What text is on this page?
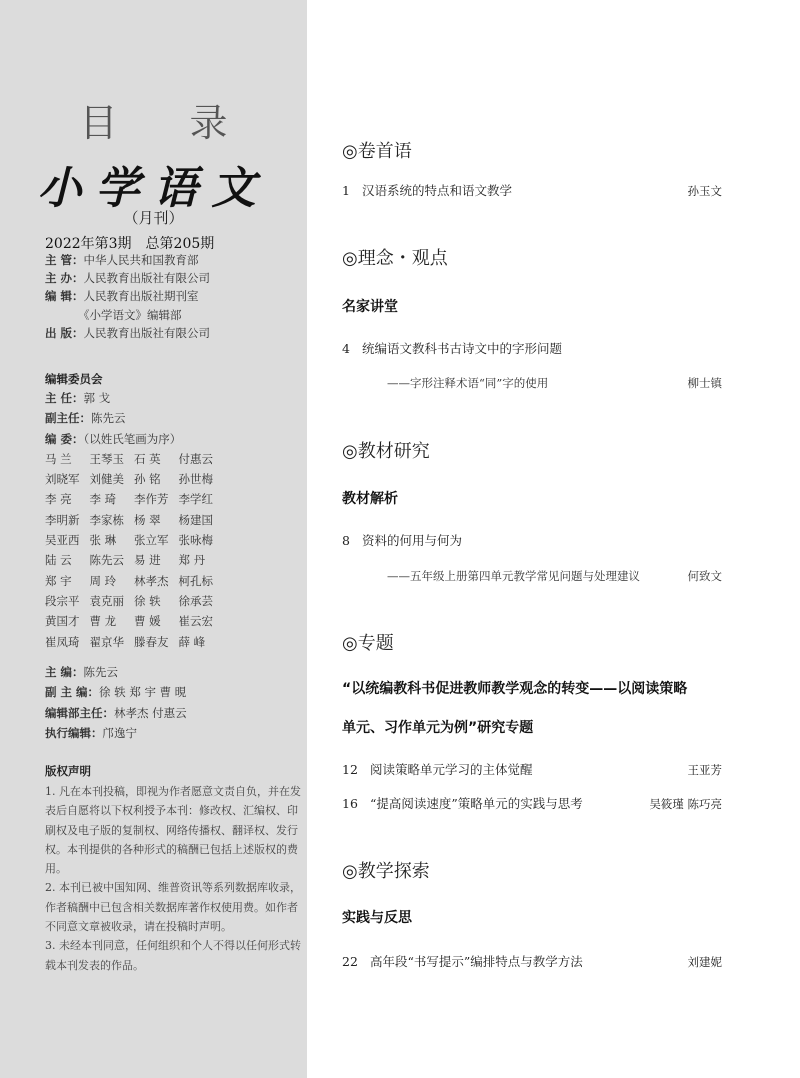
目 录
小学语文
（月刊）
2022年第3期　总第205期
主 管：中华人民共和国教育部
主 办：人民教育出版社有限公司
编 辑：人民教育出版社期刊室
《小学语文》编辑部
出 版：人民教育出版社有限公司
编辑委员会
主 任：郭 戈
副主任：陈先云
编 委：（以姓氏笔画为序）
马 兰	王琴玉 石 英	付惠云
刘晓军 刘健美 孙 铭	孙世梅
李 亮	李 琦	李作芳 李学红
李明新 李家栋 杨 翠	杨建国
吴亚西 张 琳	张立军 张咏梅
陆 云	陈先云 易 进	郑 丹
郑 宇	周 玲	林孝杰 柯孔标
段宗平 袁克丽 徐 轶	徐承芸
黄国才 曹 龙	曹 媛	崔云宏
崔凤琦 翟京华 滕春友 薛 峰
主 编：陈先云
副 主 编：徐 轶 郑 宇 曹 晛
编辑部主任：林孝杰 付惠云
执行编辑：邝逸宁
版权声明

1. 凡在本刊投稿，即视为作者愿意文责自负，并在发表后自愿将以下权利授予本刊：修改权、汇编权、印刷权及电子版的复制权、网络传播权、翻译权、发行权。本刊提供的各种形式的稿酬已包括上述版权的费用。

2. 本刊已被中国知网、维普资讯等系列数据库收录，作者稿酬中已包含相关数据库著作权使用费。如作者不同意文章被收录，请在投稿时声明。

3. 未经本刊同意，任何组织和个人不得以任何形式转载本刊发表的作品。

◎卷首语
1 汉语系统的特点和语文教学	孙玉文
◎理念・观点
名家讲堂
4 统编语文教科书古诗文中的字形问题
——字形注释术语“同”字的使用	柳士镇
◎教材研究
教材解析
8 资料的何用与何为
——五年级上册第四单元教学常见问题与处理建议	何致文
◎专题
“以统编教科书促进教师教学观念的转变——以阅读策略
单元、习作单元为例”研究专题
12 阅读策略单元学习的主体觉醒	王亚芳
16 “提高阅读速度”策略单元的实践与思考	吴筱瑾 陈巧亮
◎教学探索
实践与反思
22 高年段“书写提示”编排特点与教学方法	刘建妮
